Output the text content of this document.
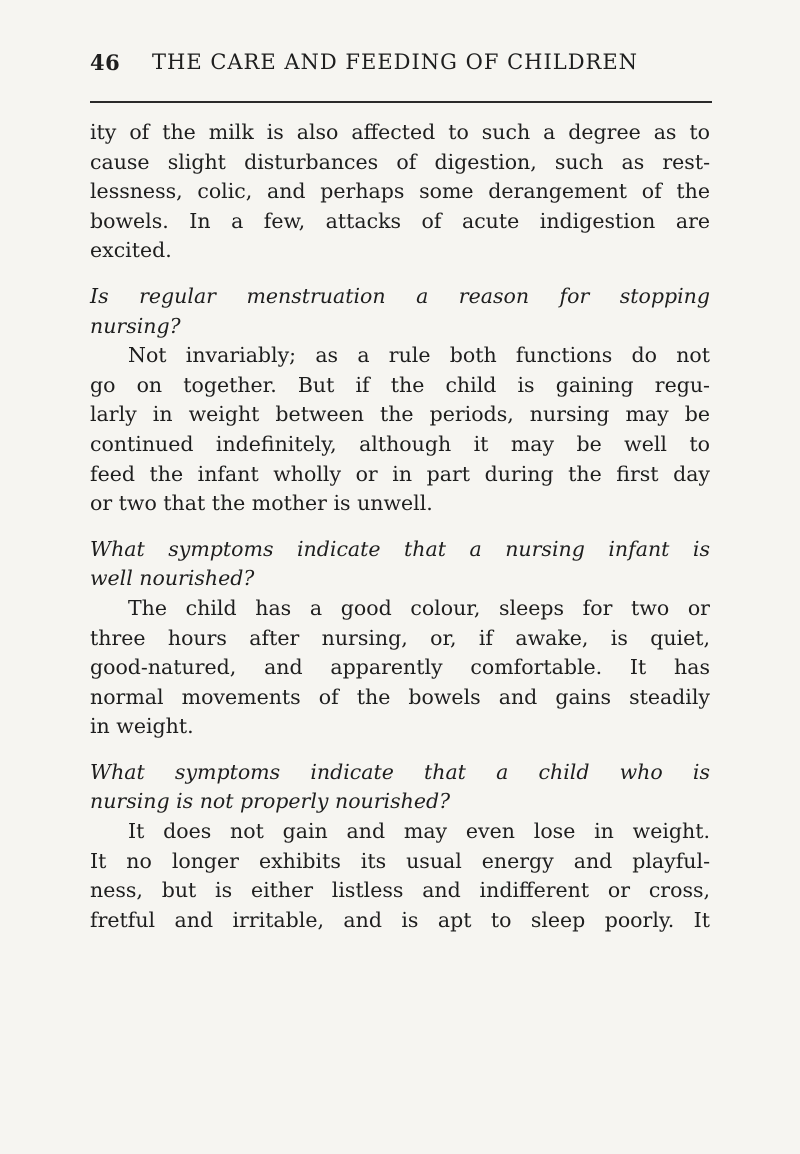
46 THE CARE AND FEEDING OF CHILDREN
ity of the milk is also affected to such a degree as to
cause slight disturbances of digestion, such as rest-
lessness, colic, and perhaps some derangement of the
bowels. In a few, attacks of acute indigestion are
excited.
Is regular menstruation a reason for stopping
nursing?
Not invariably; as a rule both functions do not
go on together. But if the child is gaining regu-
larly in weight between the periods, nursing may be
continued indefinitely, although it may be well to
feed the infant wholly or in part during the first day
or two that the mother is unwell.
What symptoms indicate that a nursing infant is
well nourished?
The child has a good colour, sleeps for two or
three hours after nursing, or, if awake, is quiet,
good-natured, and apparently comfortable. It has
normal movements of the bowels and gains steadily
in weight.
What symptoms indicate that a child who is
nursing is not properly nourished?
It does not gain and may even lose in weight.
It no longer exhibits its usual energy and playful-
ness, but is either listless and indifferent or cross,
fretful and irritable, and is apt to sleep poorly. It
